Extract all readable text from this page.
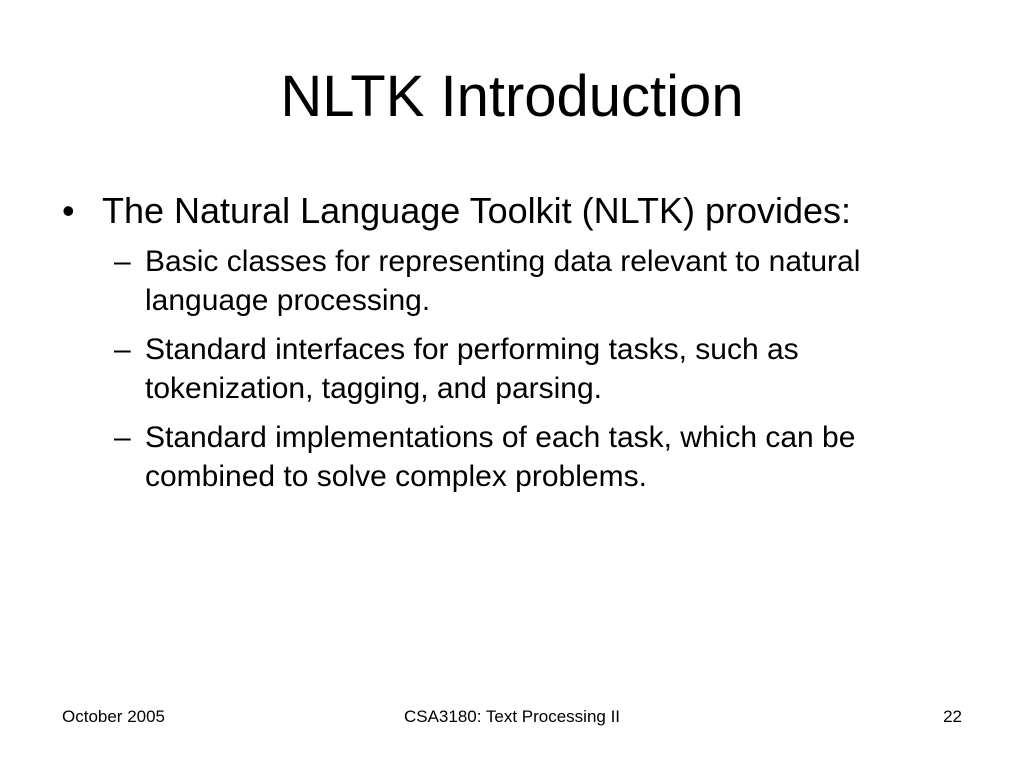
NLTK Introduction
• The Natural Language Toolkit (NLTK) provides:
– Basic classes for representing data relevant to natural language processing.
– Standard interfaces for performing tasks, such as tokenization, tagging, and parsing.
– Standard implementations of each task, which can be combined to solve complex problems.
CSA3180: Text Processing II
October 2005	22
